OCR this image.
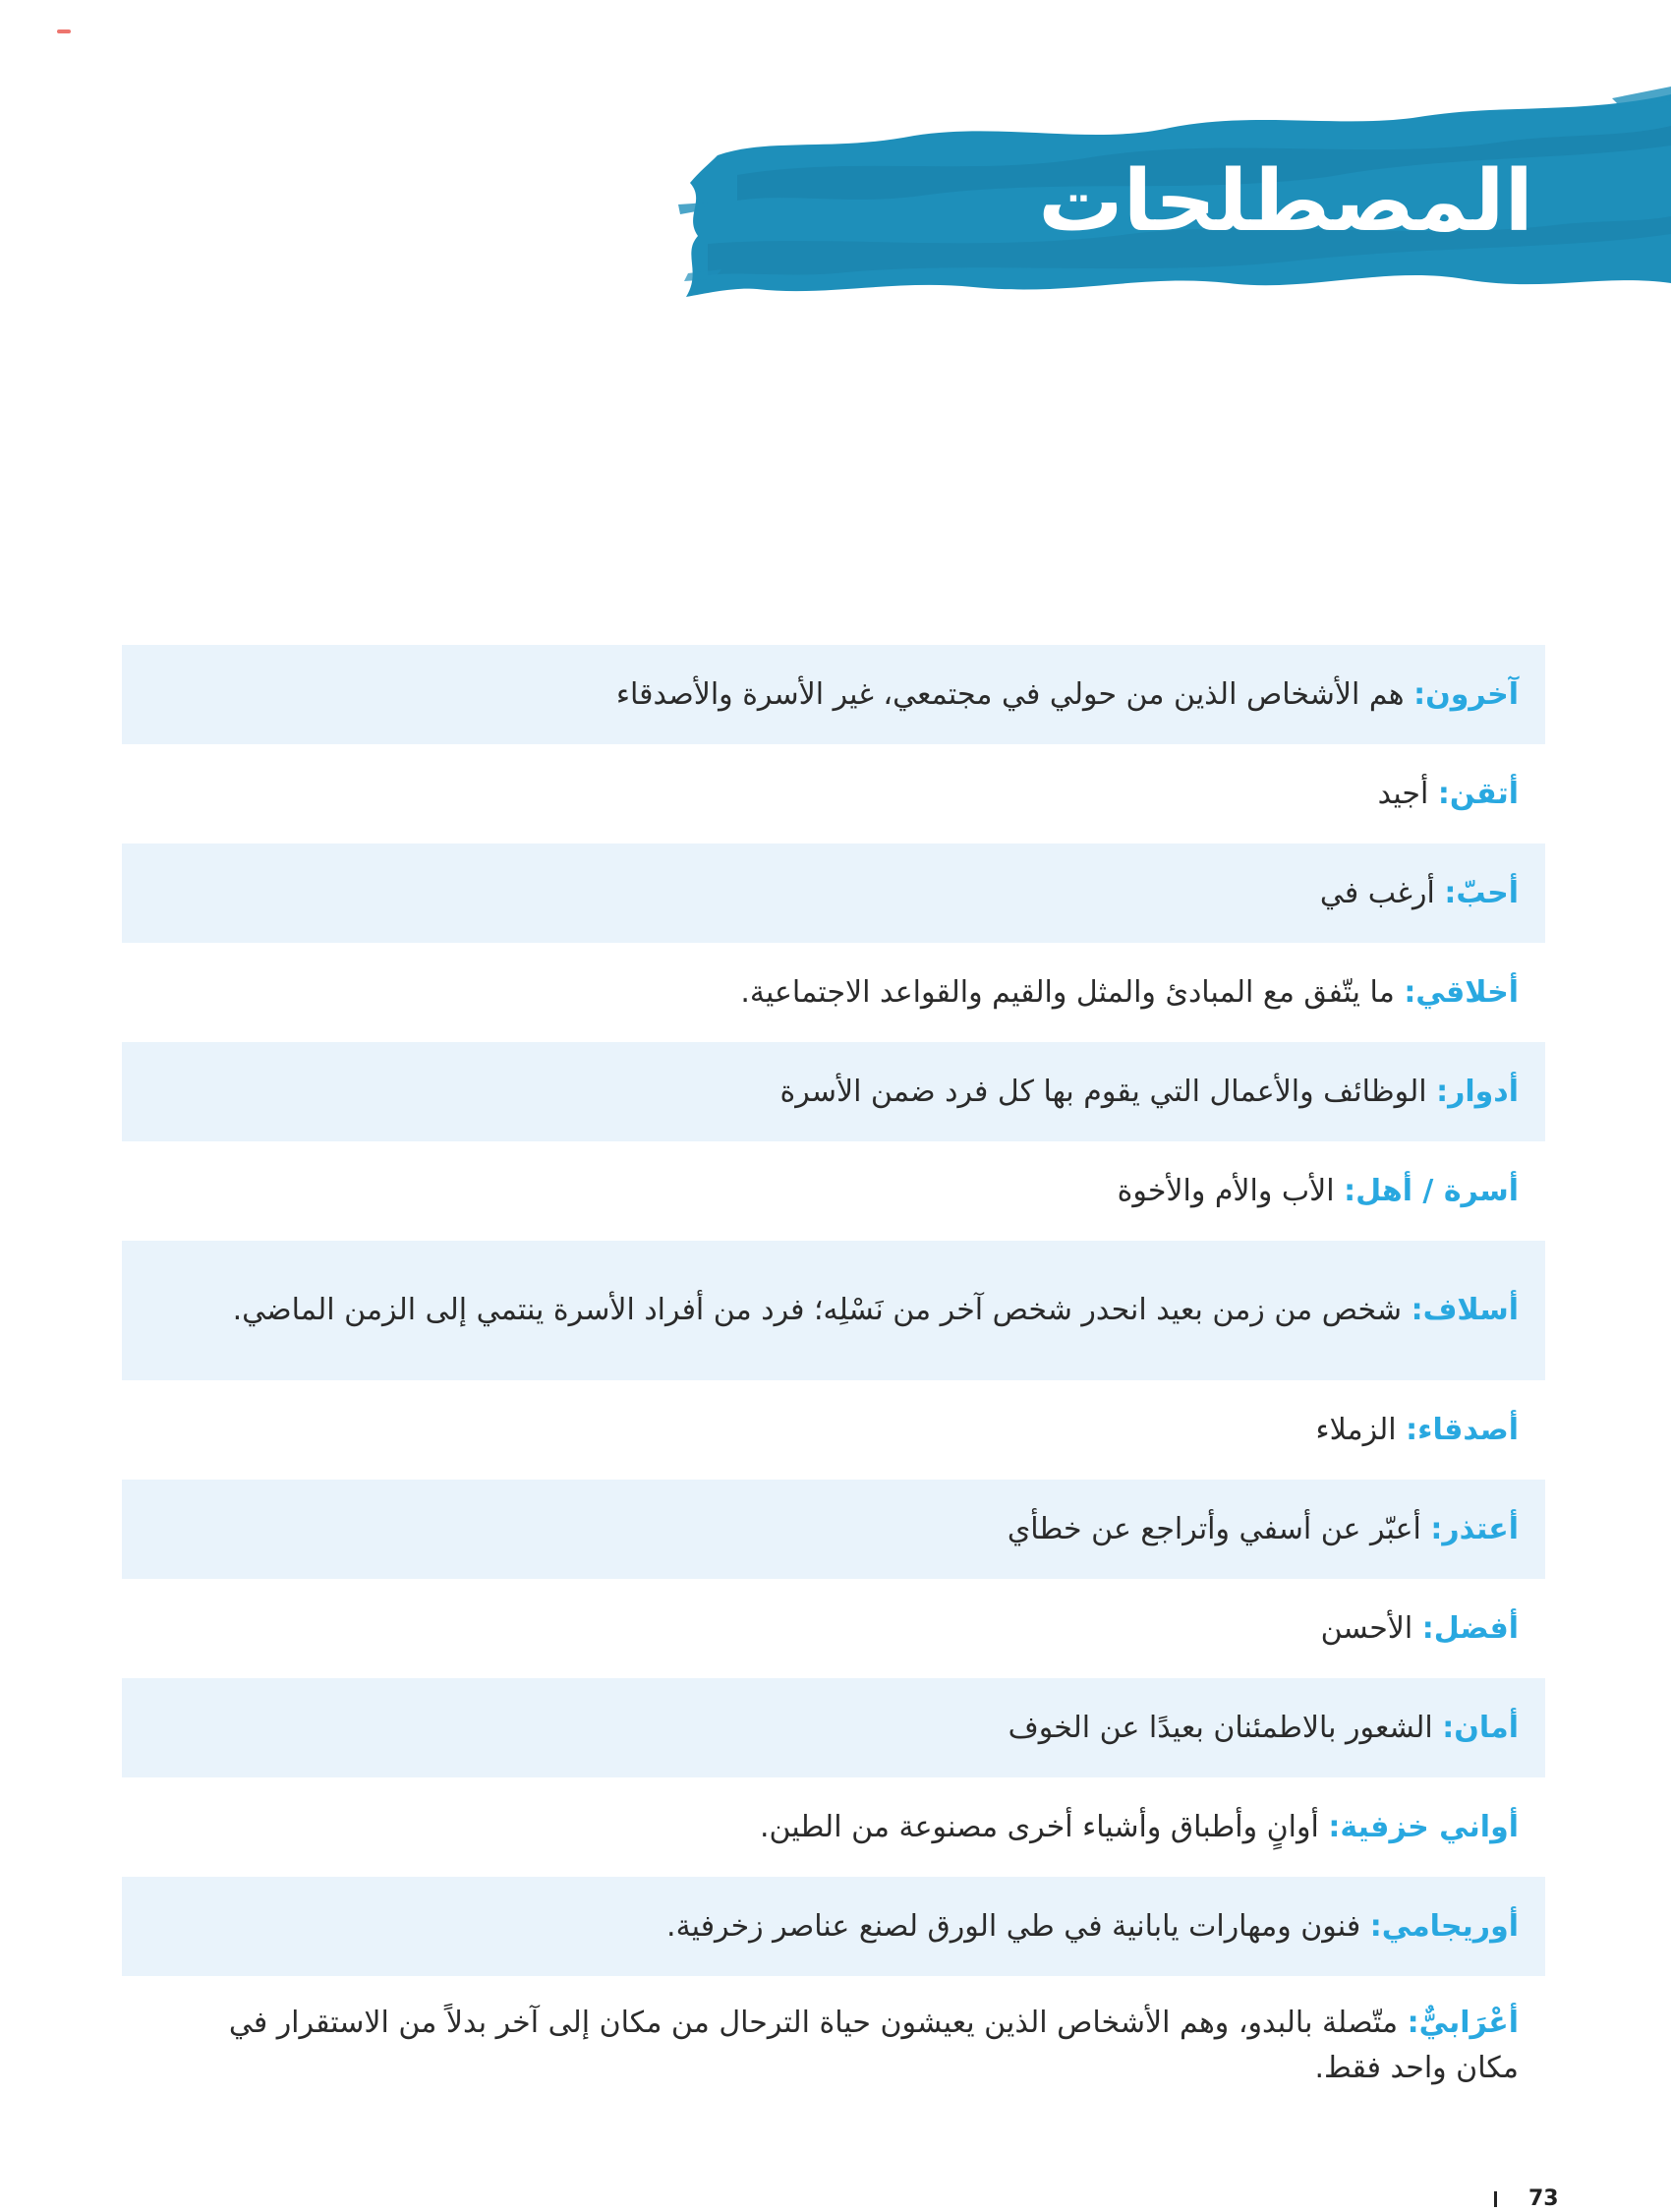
المصطلحات
آخرون: هم الأشخاص الذين من حولي في مجتمعي، غير الأسرة والأصدقاء
أتقن: أجيد
أحبّ: أرغب في
أخلاقي: ما يتّفق مع المبادئ والمثل والقيم والقواعد الاجتماعية.
أدوار: الوظائف والأعمال التي يقوم بها كل فرد ضمن الأسرة
أسرة / أهل: الأب والأم والأخوة
أسلاف: شخص من زمن بعيد انحدر شخص آخر من نَسْلِه؛ فرد من أفراد الأسرة ينتمي إلى الزمن الماضي.
أصدقاء: الزملاء
أعتذر: أعبّر عن أسفي وأتراجع عن خطأي
أفضل: الأحسن
أمان: الشعور بالاطمئنان بعيدًا عن الخوف
أواني خزفية: أوانٍ وأطباق وأشياء أخرى مصنوعة من الطين.
أوريجامي: فنون ومهارات يابانية في طي الورق لصنع عناصر زخرفية.
أعْرَابيٌّ: متّصلة بالبدو، وهم الأشخاص الذين يعيشون حياة الترحال من مكان إلى آخر بدلاً من الاستقرار في مكان واحد فقط.
73
